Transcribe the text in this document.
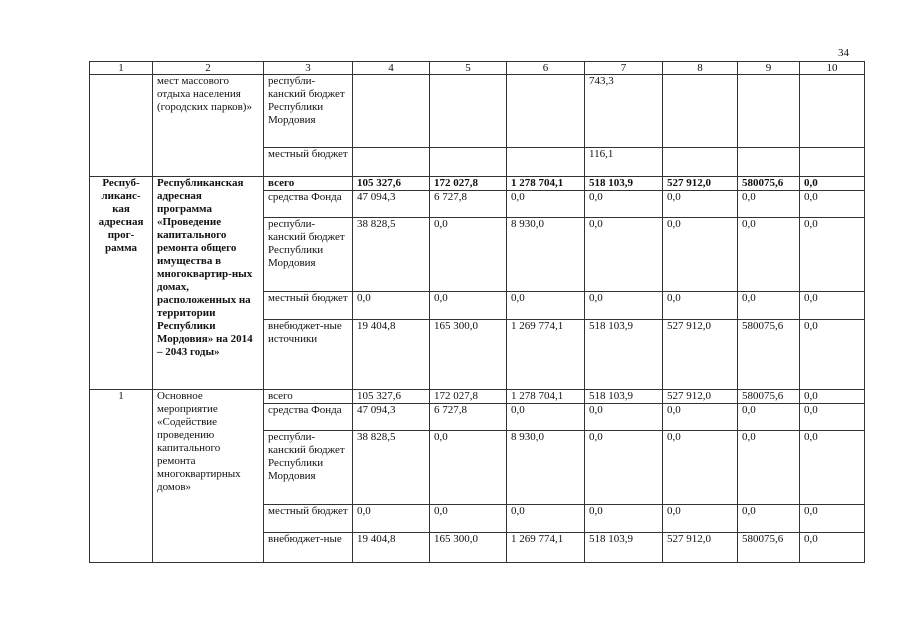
34
1	2	3	4	5	6	7	8	9	10
	мест массового отдыха населения (городских парков)»	республи-канский бюджет Республики Мордовия				743,3			
		местный бюджет				116,1			
Респуб-ликанс-кая адресная прог-рамма	Республиканская адресная программа «Проведение капитального ремонта общего имущества в многоквартир-ных домах, расположенных на территории Республики Мордовия» на 2014 – 2043 годы»	всего	105 327,6	172 027,8	1 278 704,1	518 103,9	527 912,0	580075,6	0,0
		средства Фонда	47 094,3	6 727,8	0,0	0,0	0,0	0,0	0,0
		республи-канский бюджет Республики Мордовия	38 828,5	0,0	8 930,0	0,0	0,0	0,0	0,0
		местный бюджет	0,0	0,0	0,0	0,0	0,0	0,0	0,0
		внебюджет-ные источники	19 404,8	165 300,0	1 269 774,1	518 103,9	527 912,0	580075,6	0,0
1	Основное мероприятие «Содействие проведению капитального ремонта многоквартирных домов»	всего	105 327,6	172 027,8	1 278 704,1	518 103,9	527 912,0	580075,6	0,0
		средства Фонда	47 094,3	6 727,8	0,0	0,0	0,0	0,0	0,0
		республи-канский бюджет Республики Мордовия	38 828,5	0,0	8 930,0	0,0	0,0	0,0	0,0
		местный бюджет	0,0	0,0	0,0	0,0	0,0	0,0	0,0
		внебюджет-ные	19 404,8	165 300,0	1 269 774,1	518 103,9	527 912,0	580075,6	0,0
